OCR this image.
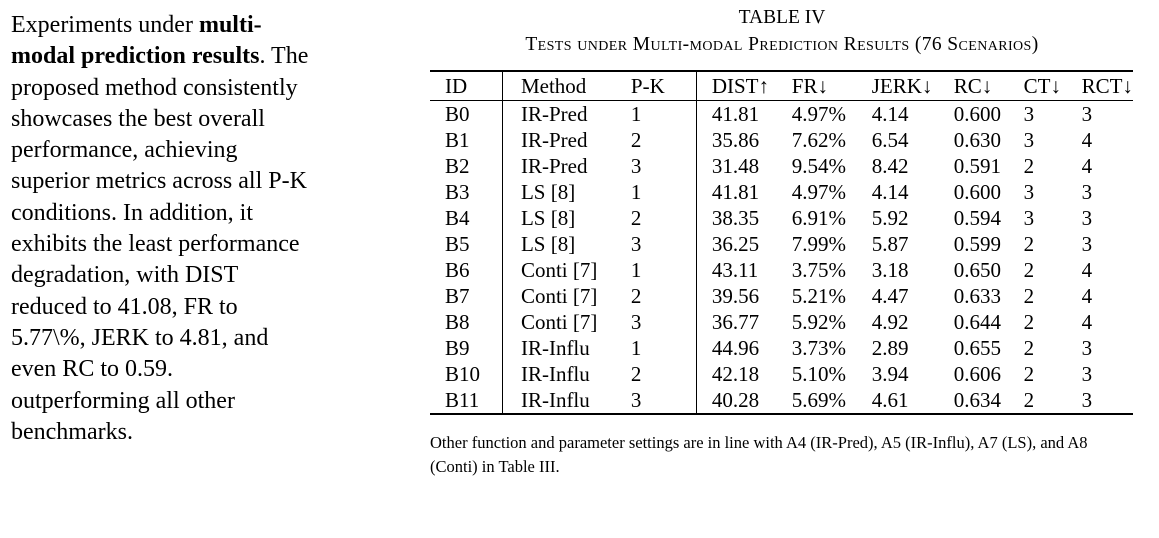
Experiments under multi-modal prediction results. The proposed method consistently showcases the best overall performance, achieving superior metrics across all P-K conditions. In addition, it exhibits the least performance degradation, with DIST reduced to 41.08, FR to 5.77\%, JERK to 4.81, and even RC to 0.59. outperforming all other benchmarks.
TABLE IV
Tests under Multi-modal Prediction Results (76 Scenarios)
ID	Method	P-K	DIST↑	FR↓	JERK↓	RC↓	CT↓	RCT↓
B0	IR-Pred	1	41.81	4.97%	4.14	0.600	3	3
B1	IR-Pred	2	35.86	7.62%	6.54	0.630	3	4
B2	IR-Pred	3	31.48	9.54%	8.42	0.591	2	4
B3	LS [8]	1	41.81	4.97%	4.14	0.600	3	3
B4	LS [8]	2	38.35	6.91%	5.92	0.594	3	3
B5	LS [8]	3	36.25	7.99%	5.87	0.599	2	3
B6	Conti [7]	1	43.11	3.75%	3.18	0.650	2	4
B7	Conti [7]	2	39.56	5.21%	4.47	0.633	2	4
B8	Conti [7]	3	36.77	5.92%	4.92	0.644	2	4
B9	IR-Influ	1	44.96	3.73%	2.89	0.655	2	3
B10	IR-Influ	2	42.18	5.10%	3.94	0.606	2	3
B11	IR-Influ	3	40.28	5.69%	4.61	0.634	2	3
Other function and parameter settings are in line with A4 (IR-Pred), A5 (IR-Influ), A7 (LS), and A8 (Conti) in Table III.
